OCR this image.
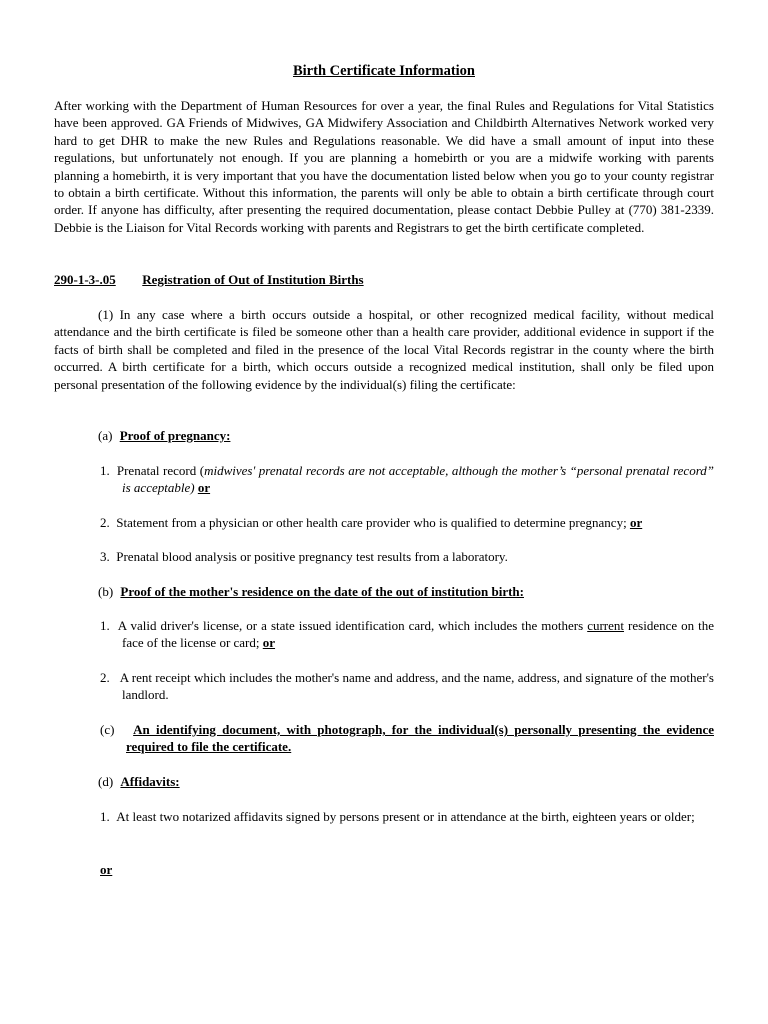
Birth Certificate Information

After working with the Department of Human Resources for over a year, the final Rules and Regulations for Vital Statistics have been approved. GA Friends of Midwives, GA Midwifery Association and Childbirth Alternatives Network worked very hard to get DHR to make the new Rules and Regulations reasonable. We did have a small amount of input into these regulations, but unfortunately not enough. If you are planning a homebirth or you are a midwife working with parents planning a homebirth, it is very important that you have the documentation listed below when you go to your county registrar to obtain a birth certificate. Without this information, the parents will only be able to obtain a birth certificate through court order. If anyone has difficulty, after presenting the required documentation, please contact Debbie Pulley at (770) 381-2339. Debbie is the Liaison for Vital Records working with parents and Registrars to get the birth certificate completed.

290-1-3-.05 Registration of Out of Institution Births

(1) In any case where a birth occurs outside a hospital, or other recognized medical facility, without medical attendance and the birth certificate is filed be someone other than a health care provider, additional evidence in support if the facts of birth shall be completed and filed in the presence of the local Vital Records registrar in the county where the birth occurred. A birth certificate for a birth, which occurs outside a recognized medical institution, shall only be filed upon personal presentation of the following evidence by the individual(s) filing the certificate:

(a) Proof of pregnancy:
1. Prenatal record (midwives' prenatal records are not acceptable, although the mother’s “personal prenatal record” is acceptable) or
2. Statement from a physician or other health care provider who is qualified to determine pregnancy; or
3. Prenatal blood analysis or positive pregnancy test results from a laboratory.
(b) Proof of the mother's residence on the date of the out of institution birth:
1. A valid driver's license, or a state issued identification card, which includes the mothers current residence on the face of the license or card; or
2. A rent receipt which includes the mother's name and address, and the name, address, and signature of the mother's landlord.
(c) An identifying document, with photograph, for the individual(s) personally presenting the evidence required to file the certificate.
(d) Affidavits:
1. At least two notarized affidavits signed by persons present or in attendance at the birth, eighteen years or older;
or
